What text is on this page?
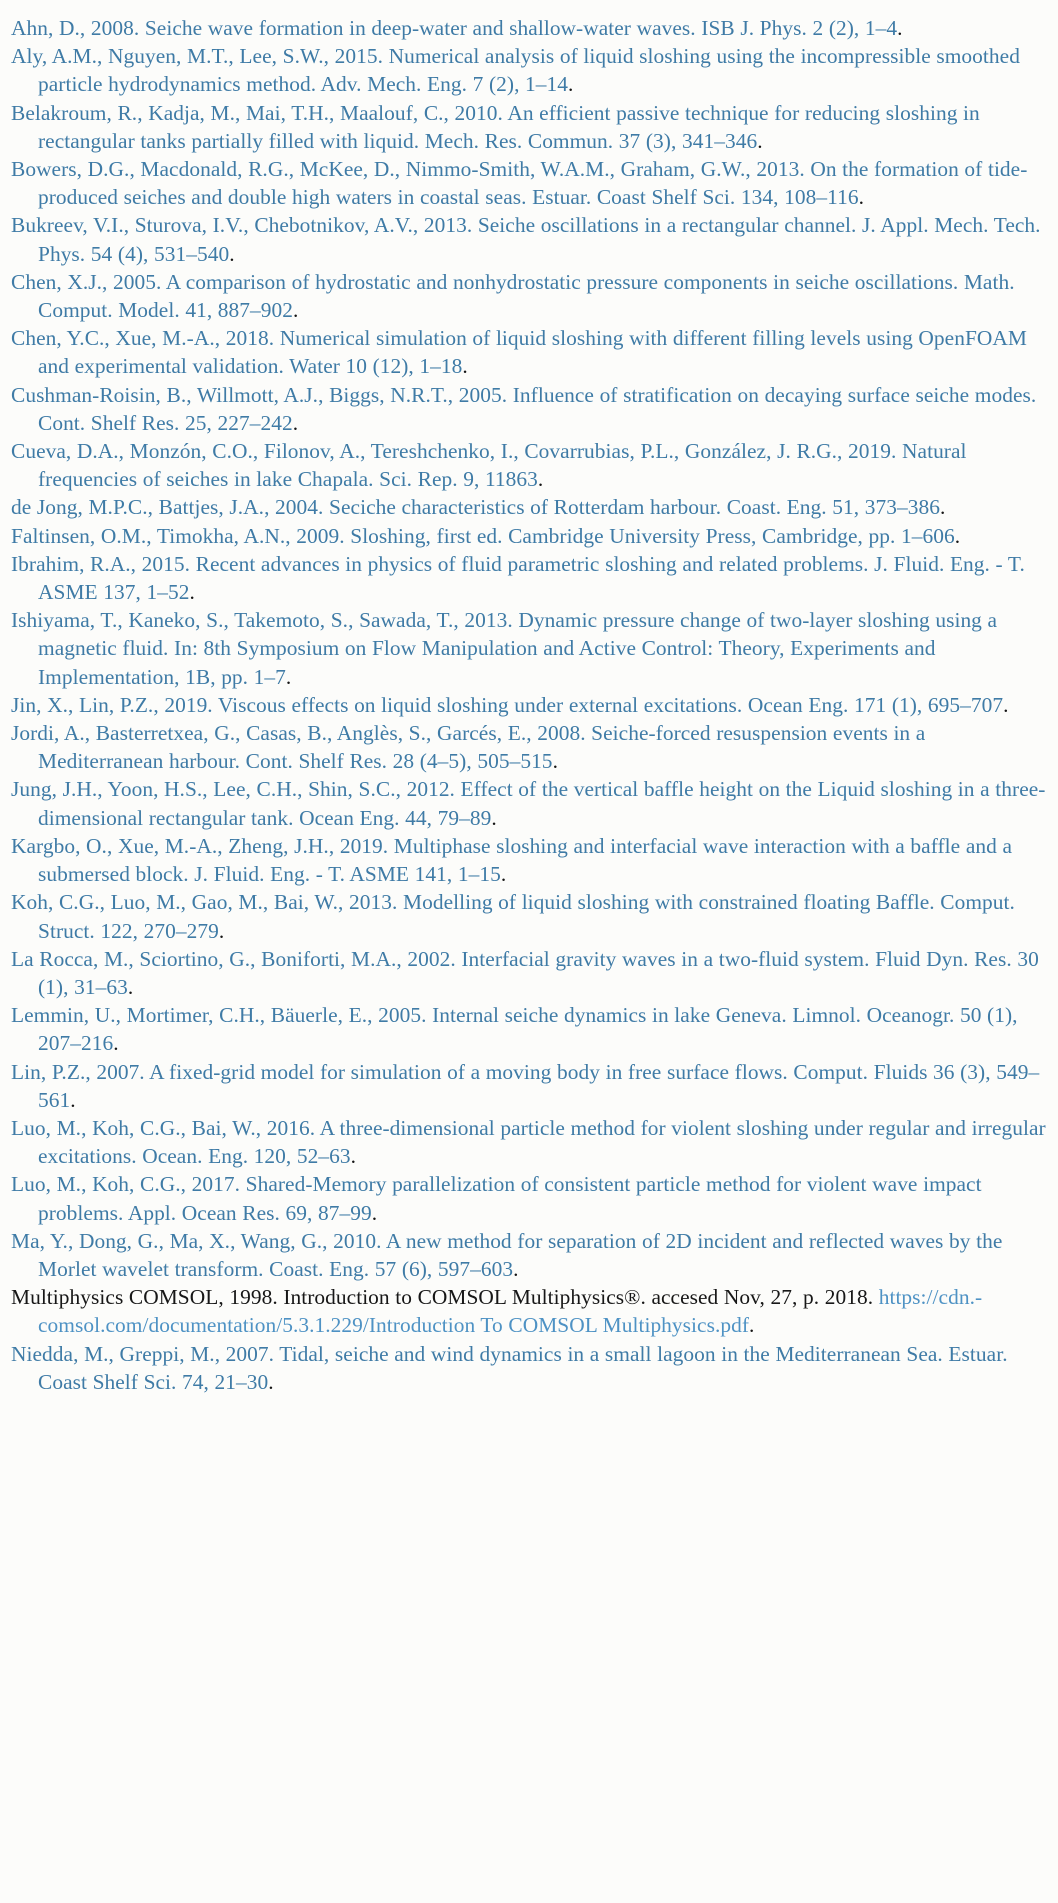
Ahn, D., 2008. Seiche wave formation in deep-water and shallow-water waves. ISB J. Phys. 2 (2), 1–4.

Aly, A.M., Nguyen, M.T., Lee, S.W., 2015. Numerical analysis of liquid sloshing using the incompressible smoothed particle hydrodynamics method. Adv. Mech. Eng. 7 (2), 1–14.

Belakroum, R., Kadja, M., Mai, T.H., Maalouf, C., 2010. An efficient passive technique for reducing sloshing in rectangular tanks partially filled with liquid. Mech. Res. Commun. 37 (3), 341–346.

Bowers, D.G., Macdonald, R.G., McKee, D., Nimmo-Smith, W.A.M., Graham, G.W., 2013. On the formation of tide-produced seiches and double high waters in coastal seas. Estuar. Coast Shelf Sci. 134, 108–116.

Bukreev, V.I., Sturova, I.V., Chebotnikov, A.V., 2013. Seiche oscillations in a rectangular channel. J. Appl. Mech. Tech. Phys. 54 (4), 531–540.

Chen, X.J., 2005. A comparison of hydrostatic and nonhydrostatic pressure components in seiche oscillations. Math. Comput. Model. 41, 887–902.

Chen, Y.C., Xue, M.-A., 2018. Numerical simulation of liquid sloshing with different filling levels using OpenFOAM and experimental validation. Water 10 (12), 1–18.

Cushman-Roisin, B., Willmott, A.J., Biggs, N.R.T., 2005. Influence of stratification on decaying surface seiche modes. Cont. Shelf Res. 25, 227–242.

Cueva, D.A., Monzón, C.O., Filonov, A., Tereshchenko, I., Covarrubias, P.L., González, J. R.G., 2019. Natural frequencies of seiches in lake Chapala. Sci. Rep. 9, 11863.

de Jong, M.P.C., Battjes, J.A., 2004. Seciche characteristics of Rotterdam harbour. Coast. Eng. 51, 373–386.

Faltinsen, O.M., Timokha, A.N., 2009. Sloshing, first ed. Cambridge University Press, Cambridge, pp. 1–606.

Ibrahim, R.A., 2015. Recent advances in physics of fluid parametric sloshing and related problems. J. Fluid. Eng. - T. ASME 137, 1–52.

Ishiyama, T., Kaneko, S., Takemoto, S., Sawada, T., 2013. Dynamic pressure change of two-layer sloshing using a magnetic fluid. In: 8th Symposium on Flow Manipulation and Active Control: Theory, Experiments and Implementation, 1B, pp. 1–7.

Jin, X., Lin, P.Z., 2019. Viscous effects on liquid sloshing under external excitations. Ocean Eng. 171 (1), 695–707.

Jordi, A., Basterretxea, G., Casas, B., Anglès, S., Garcés, E., 2008. Seiche-forced resuspension events in a Mediterranean harbour. Cont. Shelf Res. 28 (4–5), 505–515.

Jung, J.H., Yoon, H.S., Lee, C.H., Shin, S.C., 2012. Effect of the vertical baffle height on the Liquid sloshing in a three-dimensional rectangular tank. Ocean Eng. 44, 79–89.

Kargbo, O., Xue, M.-A., Zheng, J.H., 2019. Multiphase sloshing and interfacial wave interaction with a baffle and a submersed block. J. Fluid. Eng. - T. ASME 141, 1–15.

Koh, C.G., Luo, M., Gao, M., Bai, W., 2013. Modelling of liquid sloshing with constrained floating Baffle. Comput. Struct. 122, 270–279.

La Rocca, M., Sciortino, G., Boniforti, M.A., 2002. Interfacial gravity waves in a two-fluid system. Fluid Dyn. Res. 30 (1), 31–63.

Lemmin, U., Mortimer, C.H., Bäuerle, E., 2005. Internal seiche dynamics in lake Geneva. Limnol. Oceanogr. 50 (1), 207–216.

Lin, P.Z., 2007. A fixed-grid model for simulation of a moving body in free surface flows. Comput. Fluids 36 (3), 549–561.

Luo, M., Koh, C.G., Bai, W., 2016. A three-dimensional particle method for violent sloshing under regular and irregular excitations. Ocean. Eng. 120, 52–63.

Luo, M., Koh, C.G., 2017. Shared-Memory parallelization of consistent particle method for violent wave impact problems. Appl. Ocean Res. 69, 87–99.

Ma, Y., Dong, G., Ma, X., Wang, G., 2010. A new method for separation of 2D incident and reflected waves by the Morlet wavelet transform. Coast. Eng. 57 (6), 597–603.

Multiphysics COMSOL, 1998. Introduction to COMSOL Multiphysics®. accesed Nov, 27, p. 2018. https://cdn.-comsol.com/documentation/5.3.1.229/Introduction To COMSOL Multiphysics.pdf.

Niedda, M., Greppi, M., 2007. Tidal, seiche and wind dynamics in a small lagoon in the Mediterranean Sea. Estuar. Coast Shelf Sci. 74, 21–30.
